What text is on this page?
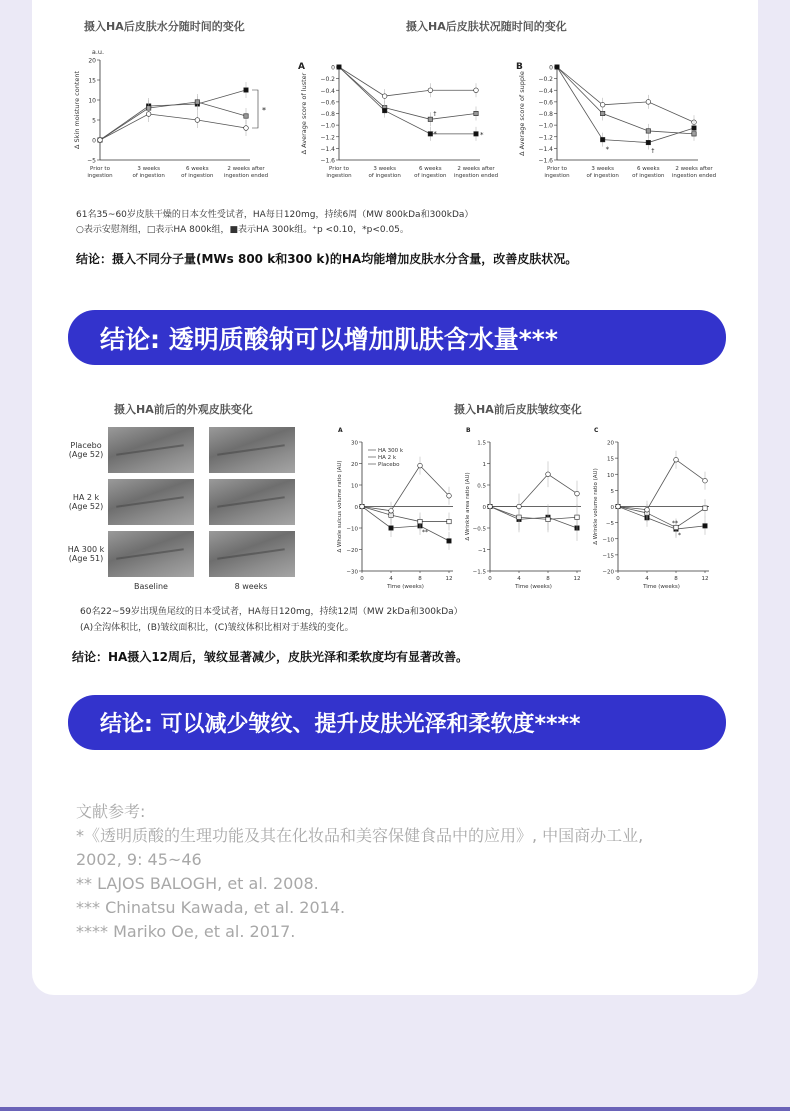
摄入HA后皮肤水分随时间的变化	摄入HA后皮肤状况随时间的变化
20
15
10
5
0
−5
Prior to
ingestion
3 weeks
of ingestion
6 weeks
of ingestion
2 weeks after
ingestion ended
Δ Skin moisture content
a.u.
*
0
−0.2
−0.4
−0.6
−0.8
−1.0
−1.2
−1.4
−1.6
Prior to
ingestion
3 weeks
of ingestion
6 weeks
of ingestion
2 weeks after
ingestion ended
Δ Average score of luster
A
†
*	*
0
−0.2
−0.4
−0.6
−0.8
−1.0
−1.2
−1.4
−1.6
Prior to
ingestion
3 weeks
of ingestion
6 weeks
of ingestion
2 weeks after
ingestion ended
Δ Average score of supple
B
*	†
61名35~60岁皮肤干燥的日本女性受试者，HA每日120mg，持续6周（MW 800kDa和300kDa）
○表示安慰剂组，□表示HA 800k组，■表示HA 300k组。⁺p <0.10，*p<0.05。
结论：摄入不同分子量(MWs 800 k和300 k)的HA均能增加皮肤水分含量，改善皮肤状况。
结论: 透明质酸钠可以增加肌肤含水量***
摄入HA前后的外观皮肤变化	摄入HA前后皮肤皱纹变化
Placebo (Age 52)
HA 2 k (Age 52)
HA 300 k (Age 51)
Baseline	8 weeks
30
20
10
0
−10
−20
−30
0	4	8	12
Time (weeks)
Δ Whole sulcus volume ratio (AU)
A
**
HA 300 k
HA 2 k
Placebo
1.5
1
0.5
0
−0.5
−1
−1.5
0	4	8	12
Time (weeks)
Δ Wrinkle area ratio (AU)
B
20
15
10
5
0
−5
−10
−15
−20
0	4	8	12
Time (weeks)
Δ Wrinkle volume ratio (AU)
C
**
*
60名22~59岁出现鱼尾纹的日本受试者，HA每日120mg，持续12周（MW 2kDa和300kDa）
(A)全沟体积比，(B)皱纹面积比，(C)皱纹体积比相对于基线的变化。
结论：HA摄入12周后，皱纹显著减少，皮肤光泽和柔软度均有显著改善。
结论: 可以减少皱纹、提升皮肤光泽和柔软度****
文献参考:
*《透明质酸的生理功能及其在化妆品和美容保健食品中的应用》, 中国商办工业,
2002, 9: 45~46
** LAJOS BALOGH, et al. 2008.
*** Chinatsu Kawada, et al. 2014.
**** Mariko Oe, et al. 2017.
